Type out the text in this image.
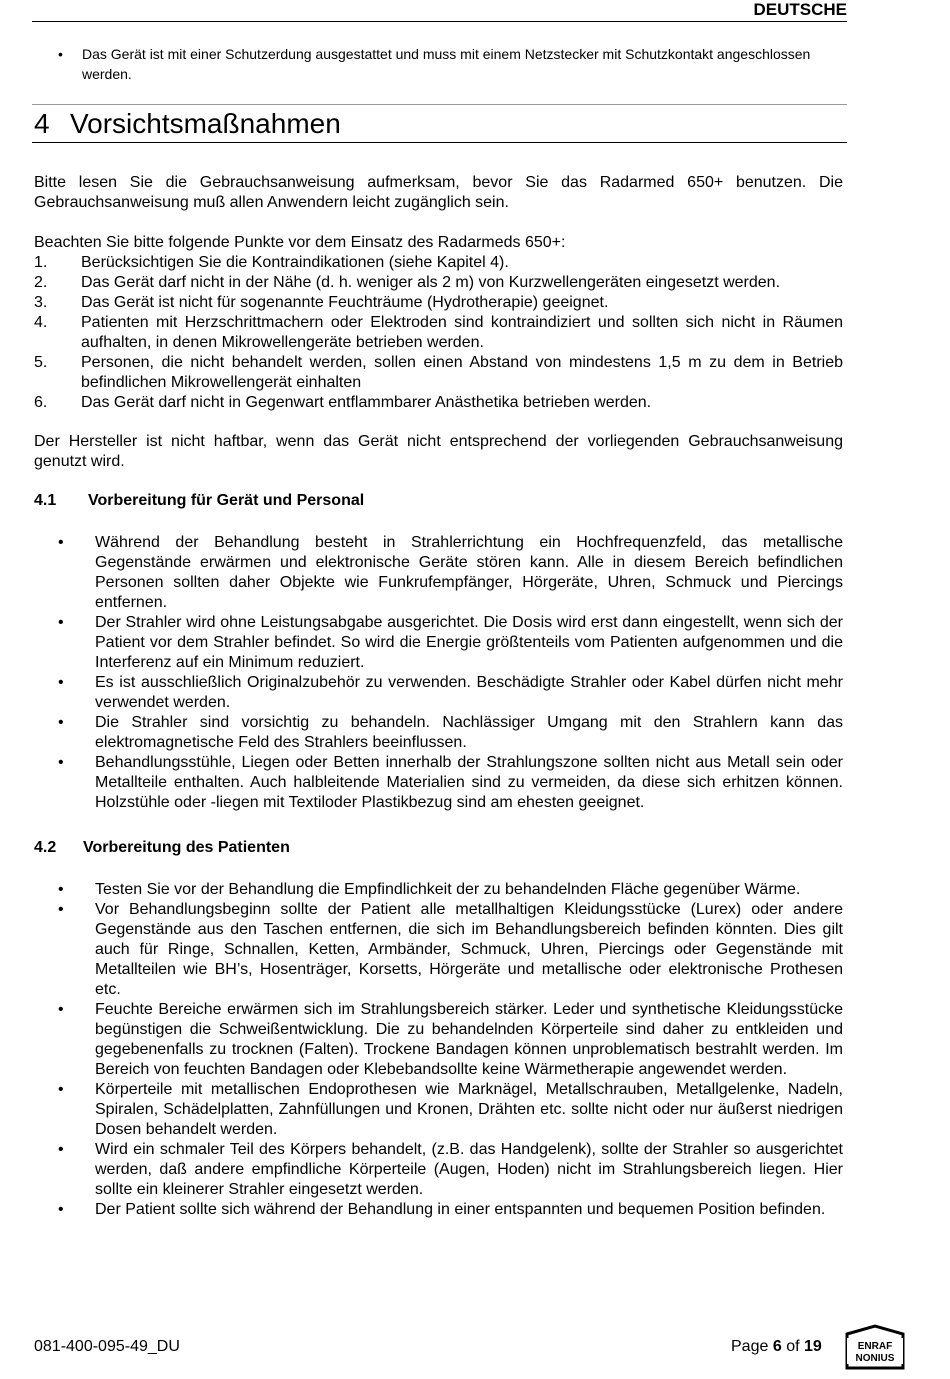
DEUTSCHE
• Das Gerät ist mit einer Schutzerdung ausgestattet und muss mit einem Netzstecker mit Schutzkontakt angeschlossen werden.
4 Vorsichtsmaßnahmen
Bitte lesen Sie die Gebrauchsanweisung aufmerksam, bevor Sie das Radarmed 650+ benutzen. Die Gebrauchsanweisung muß allen Anwendern leicht zugänglich sein.
Beachten Sie bitte folgende Punkte vor dem Einsatz des Radarmeds 650+:
1.	Berücksichtigen Sie die Kontraindikationen (siehe Kapitel 4).
2.	Das Gerät darf nicht in der Nähe (d. h. weniger als 2 m) von Kurzwellengeräten eingesetzt werden.
3.	Das Gerät ist nicht für sogenannte Feuchträume (Hydrotherapie) geeignet.
4.	Patienten mit Herzschrittmachern oder Elektroden sind kontraindiziert und sollten sich nicht in Räumen aufhalten, in denen Mikrowellengeräte betrieben werden.
5.	Personen, die nicht behandelt werden, sollen einen Abstand von mindestens 1,5 m zu dem in Betrieb befindlichen Mikrowellengerät einhalten
6.	Das Gerät darf nicht in Gegenwart entflammbarer Anästhetika betrieben werden.
Der Hersteller ist nicht haftbar, wenn das Gerät nicht entsprechend der vorliegenden Gebrauchsanweisung genutzt wird.
4.1 Vorbereitung für Gerät und Personal
•	Während der Behandlung besteht in Strahlerrichtung ein Hochfrequenzfeld, das metallische Gegenstände erwärmen und elektronische Geräte stören kann. Alle in diesem Bereich befindlichen Personen sollten daher Objekte wie Funkrufempfänger, Hörgeräte, Uhren, Schmuck und Piercings entfernen.
•	Der Strahler wird ohne Leistungsabgabe ausgerichtet. Die Dosis wird erst dann eingestellt, wenn sich der Patient vor dem Strahler befindet. So wird die Energie größtenteils vom Patienten aufgenommen und die Interferenz auf ein Minimum reduziert.
•	Es ist ausschließlich Originalzubehör zu verwenden. Beschädigte Strahler oder Kabel dürfen nicht mehr verwendet werden.
•	Die Strahler sind vorsichtig zu behandeln. Nachlässiger Umgang mit den Strahlern kann das elektromagnetische Feld des Strahlers beeinflussen.
•	Behandlungsstühle, Liegen oder Betten innerhalb der Strahlungszone sollten nicht aus Metall sein oder Metallteile enthalten. Auch halbleitende Materialien sind zu vermeiden, da diese sich erhitzen können. Holzstühle oder -liegen mit Textiloder Plastikbezug sind am ehesten geeignet.
4.2 Vorbereitung des Patienten
•	Testen Sie vor der Behandlung die Empfindlichkeit der zu behandelnden Fläche gegenüber Wärme.
•	Vor Behandlungsbeginn sollte der Patient alle metallhaltigen Kleidungsstücke (Lurex) oder andere Gegenstände aus den Taschen entfernen, die sich im Behandlungsbereich befinden könnten. Dies gilt auch für Ringe, Schnallen, Ketten, Armbänder, Schmuck, Uhren, Piercings oder Gegenstände mit Metallteilen wie BH’s, Hosenträger, Korsetts, Hörgeräte und metallische oder elektronische Prothesen etc.
•	Feuchte Bereiche erwärmen sich im Strahlungsbereich stärker. Leder und synthetische Kleidungsstücke begünstigen die Schweißentwicklung. Die zu behandelnden Körperteile sind daher zu entkleiden und gegebenenfalls zu trocknen (Falten). Trockene Bandagen können unproblematisch bestrahlt werden. Im Bereich von feuchten Bandagen oder Klebebandsollte keine Wärmetherapie angewendet werden.
•	Körperteile mit metallischen Endoprothesen wie Marknägel, Metallschrauben, Metallgelenke, Nadeln, Spiralen, Schädelplatten, Zahnfüllungen und Kronen, Drähten etc. sollte nicht oder nur äußerst niedrigen Dosen behandelt werden.
•	Wird ein schmaler Teil des Körpers behandelt, (z.B. das Handgelenk), sollte der Strahler so ausgerichtet werden, daß andere empfindliche Körperteile (Augen, Hoden) nicht im Strahlungsbereich liegen. Hier sollte ein kleinerer Strahler eingesetzt werden.
•	Der Patient sollte sich während der Behandlung in einer entspannten und bequemen Position befinden.
081-400-095-49_DU	Page 6 of 19	ENRAF
NONIUS
